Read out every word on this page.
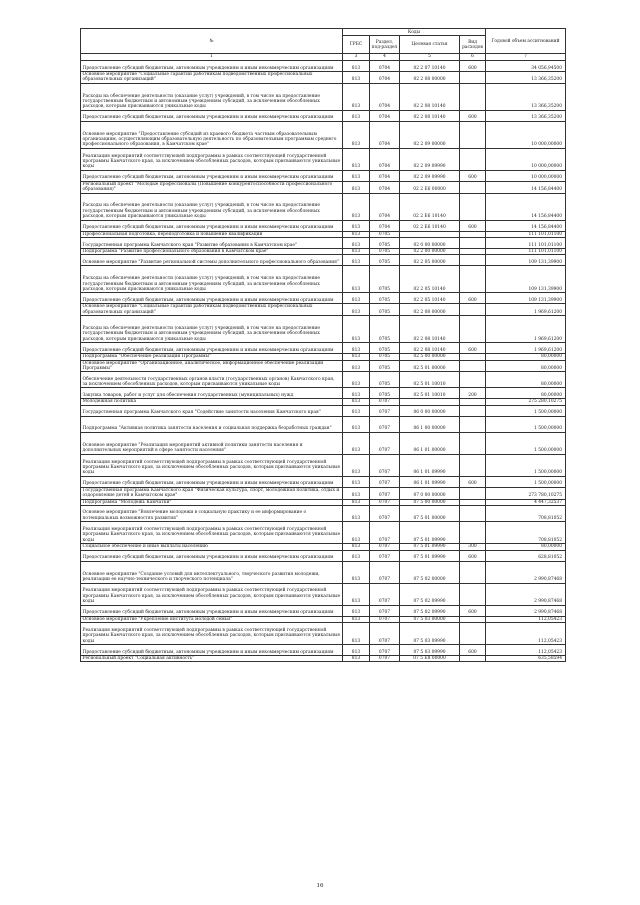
№	Коды				Годовой объем ассигнований
	ГРБС	Раздел, под-раздел	Целевая статья	Вид расходов	
1	3	4	5	6	7
Предоставление субсидий бюджетным, автономным учреждениям и иным некоммерческим организациям	813	0704	02 2 07 10140	600	34 056,94500
Основное мероприятие "Социальные гарантии работникам подведомственных профессиональных образовательных организаций"	813	0704	02 2 08 00000		13 366,35200
Расходы на обеспечение деятельности (оказание услуг) учреждений, в том числе на предоставление государственным бюджетным и автономным учреждениям субсидий, за исключением обособленных расходов, которым присваиваются уникальные коды	813	0704	02 2 08 10140		13 366,35200
Предоставление субсидий бюджетным, автономным учреждениям и иным некоммерческим организациям	813	0704	02 2 08 10140	600	13 366,35200
Основное мероприятие "Предоставление субсидий из краевого бюджета частным образовательным организациям, осуществляющим образовательную деятельность по образовательным программам среднего профессионального образования, в Камчатском крае"	813	0704	02 2 09 00000		10 000,00000
Реализация мероприятий соответствующей подпрограммы в рамках соответствующей государственной программы Камчатского края, за исключением обособленных расходов, которым присваиваются уникальные коды	813	0704	02 2 09 09990		10 000,00000
Предоставление субсидий бюджетным, автономным учреждениям и иным некоммерческим организациям	813	0704	02 2 09 09990	600	10 000,00000
Региональный проект "Молодые профессионалы (Повышение конкурентоспособности профессионального образования)"	813	0704	02 2 Е6 00000		14 156,84400
Расходы на обеспечение деятельности (оказание услуг) учреждений, в том числе на предоставление государственным бюджетным и автономным учреждениям субсидий, за исключением обособленных расходов, которым присваиваются уникальные коды	813	0704	02 2 Е6 10140		14 156,84400
Предоставление субсидий бюджетным, автономным учреждениям и иным некоммерческим организациям	813	0704	02 2 Е6 10140	600	14 156,84400
Профессиональная подготовка, переподготовка и повышение квалификации	813	0705			111 101,01100
Государственная программа Камчатского края "Развитие образования в Камчатском крае"	813	0705	02 0 00 00000		111 101,01100
Подпрограмма "Развитие профессионального образования в Камчатском крае"	813	0705	02 2 00 00000		111 101,01100
Основное мероприятие "Развитие региональной системы дополнительного профессионального образования"	813	0705	02 2 05 00000		109 131,39900
Расходы на обеспечение деятельности (оказание услуг) учреждений, в том числе на предоставление государственным бюджетным и автономным учреждениям субсидий, за исключением обособленных расходов, которым присваиваются уникальные коды	813	0705	02 2 05 10140		109 131,39900
Предоставление субсидий бюджетным, автономным учреждениям и иным некоммерческим организациям	813	0705	02 2 05 10140	600	109 131,39900
Основное мероприятие "Социальные гарантии работникам подведомственных профессиональных образовательных организаций"	813	0705	02 2 08 00000		1 969,61200
Расходы на обеспечение деятельности (оказание услуг) учреждений, в том числе на предоставление государственным бюджетным и автономным учреждениям субсидий, за исключением обособленных расходов, которым присваиваются уникальные коды	813	0705	02 2 08 10140		1 969,61200
Предоставление субсидий бюджетным, автономным учреждениям и иным некоммерческим организациям	813	0705	02 2 08 10140	600	1 969,61200
Подпрограмма "Обеспечение реализации Программы"	813	0705	02 5 00 00000		80,00000
Основное мероприятие "Организационное, аналитическое, информационное обеспечение реализации Программы"	813	0705	02 5 01 00000		80,00000
Обеспечение деятельности государственных органов власти (государственных органов) Камчатского края, за исключением обособленных расходов, которым присваиваются уникальные коды	813	0705	02 5 01 10010		80,00000
Закупка товаров, работ и услуг для обеспечения государственных (муниципальных) нужд	813	0705	02 5 01 10010	200	80,00000
Молодежная политика	813	0707			275 280,10275
Государственная программа Камчатского края "Содействие занятости населения Камчатского края"	813	0707	06 0 00 00000		1 500,00000
Подпрограмма "Активная политика занятости населения и социальная поддержка безработных граждан"	813	0707	06 1 00 00000		1 500,00000
Основное мероприятие "Реализация мероприятий активной политики занятости населения и дополнительных мероприятий в сфере занятости населения"	813	0707	06 1 01 00000		1 500,00000
Реализация мероприятий соответствующей подпрограммы в рамках соответствующей государственной программы Камчатского края, за исключением обособленных расходов, которым присваиваются уникальные коды	813	0707	06 1 01 09990		1 500,00000
Предоставление субсидий бюджетным, автономным учреждениям и иным некоммерческим организациям	813	0707	06 1 01 09990	600	1 500,00000
Государственная программа Камчатского края "Физическая культура, спорт, молодежная политика, отдых и оздоровление детей в Камчатском крае"	813	0707	07 0 00 00000		273 780,10275
Подпрограмма "Молодежь Камчатки"	813	0707	07 5 00 00000		4 447,32537
Основное мероприятие "Вовлечение молодежи в социальную практику и ее информирование о потенциальных возможностях развития"	813	0707	07 5 01 00000		708,81052
Реализация мероприятий соответствующей подпрограммы в рамках соответствующей государственной программы Камчатского края, за исключением обособленных расходов, которым присваиваются уникальные коды	813	0707	07 5 01 09990		708,81052
Социальное обеспечение и иные выплаты населению	813	0707	07 5 01 09990	300	80,00000
Предоставление субсидий бюджетным, автономным учреждениям и иным некоммерческим организациям	813	0707	07 5 01 09990	600	628,81052
Основное мероприятие "Создание условий для интеллектуального, творческого развития молодежи, реализации ее научно-технического и творческого потенциала"	813	0707	07 5 02 00000		2 990,87468
Реализация мероприятий соответствующей подпрограммы в рамках соответствующей государственной программы Камчатского края, за исключением обособленных расходов, которым присваиваются уникальные коды	813	0707	07 5 02 09990		2 990,87468
Предоставление субсидий бюджетным, автономным учреждениям и иным некоммерческим организациям	813	0707	07 5 02 09990	600	2 990,87468
Основное мероприятие "Укрепление института молодой семьи"	813	0707	07 5 03 00000		112,05423
Реализация мероприятий соответствующей подпрограммы в рамках соответствующей государственной программы Камчатского края, за исключением обособленных расходов, которым присваиваются уникальные коды	813	0707	07 5 03 09990		112,05423
Предоставление субсидий бюджетным, автономным учреждениям и иным некоммерческим организациям	813	0707	07 5 03 09990	600	112,05423
Региональный проект "Социальная активность"	813	0707	07 5 Е8 00000		635,58594
16
